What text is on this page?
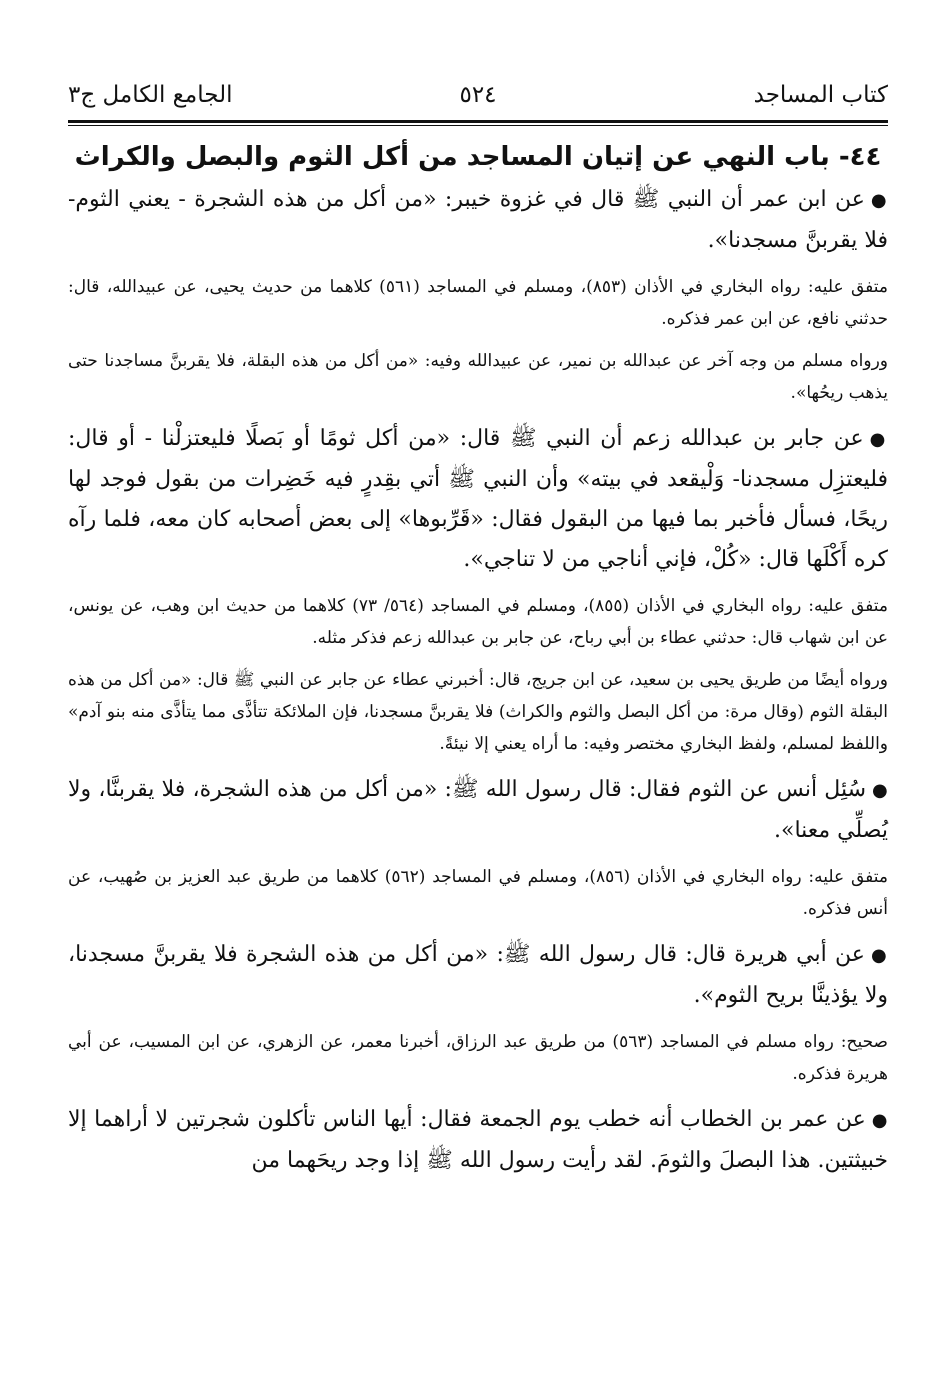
كتاب المساجد
٥٢٤
الجامع الكامل ج٣
٤٤- باب النهي عن إتيان المساجد من أكل الثوم والبصل والكراث

●عن ابن عمر أن النبي ﷺ قال في غزوة خيبر: «من أكل من هذه الشجرة - يعني الثوم- فلا يقربنَّ مسجدنا».

متفق عليه: رواه البخاري في الأذان (٨٥٣)، ومسلم في المساجد (٥٦١) كلاهما من حديث يحيى، عن عبيدالله، قال: حدثني نافع، عن ابن عمر فذكره.

ورواه مسلم من وجه آخر عن عبدالله بن نمير، عن عبيدالله وفيه: «من أكل من هذه البقلة، فلا يقربنَّ مساجدنا حتى يذهب ريحُها».

●عن جابر بن عبدالله زعم أن النبي ﷺ قال: «من أكل ثومًا أو بَصلًا فليعتزلْنا - أو قال: فليعتزِل مسجدنا- وَلْيقعد في بيته» وأن النبي ﷺ أتي بقِدرٍ فيه خَضِرات من بقول فوجد لها ريحًا، فسأل فأخبر بما فيها من البقول فقال: «قَرِّبوها» إلى بعض أصحابه كان معه، فلما رآه كره أَكْلَها قال: «كُلْ، فإني أناجي من لا تناجي».

متفق عليه: رواه البخاري في الأذان (٨٥٥)، ومسلم في المساجد (٥٦٤/ ٧٣) كلاهما من حديث ابن وهب، عن يونس، عن ابن شهاب قال: حدثني عطاء بن أبي رباح، عن جابر بن عبدالله زعم فذكر مثله.

ورواه أيضًا من طريق يحيى بن سعيد، عن ابن جريج، قال: أخبرني عطاء عن جابر عن النبي ﷺ قال: «من أكل من هذه البقلة الثوم (وقال مرة: من أكل البصل والثوم والكراث) فلا يقربنَّ مسجدنا، فإن الملائكة تتأذَّى مما يتأذَّى منه بنو آدم» واللفظ لمسلم، ولفظ البخاري مختصر وفيه: ما أراه يعني إلا نيئةً.

●سُئِل أنس عن الثوم فقال: قال رسول الله ﷺ: «من أكل من هذه الشجرة، فلا يقربنَّا، ولا يُصلِّي معنا».

متفق عليه: رواه البخاري في الأذان (٨٥٦)، ومسلم في المساجد (٥٦٢) كلاهما من طريق عبد العزيز بن صُهيب، عن أنس فذكره.

●عن أبي هريرة قال: قال رسول الله ﷺ: «من أكل من هذه الشجرة فلا يقربنَّ مسجدنا، ولا يؤذينَّا بريح الثوم».

صحيح: رواه مسلم في المساجد (٥٦٣) من طريق عبد الرزاق، أخبرنا معمر، عن الزهري، عن ابن المسيب، عن أبي هريرة فذكره.

●عن عمر بن الخطاب أنه خطب يوم الجمعة فقال: أيها الناس تأكلون شجرتين لا أراهما إلا خبيثتين. هذا البصلَ والثومَ. لقد رأيت رسول الله ﷺ إذا وجد ريحَهما من
